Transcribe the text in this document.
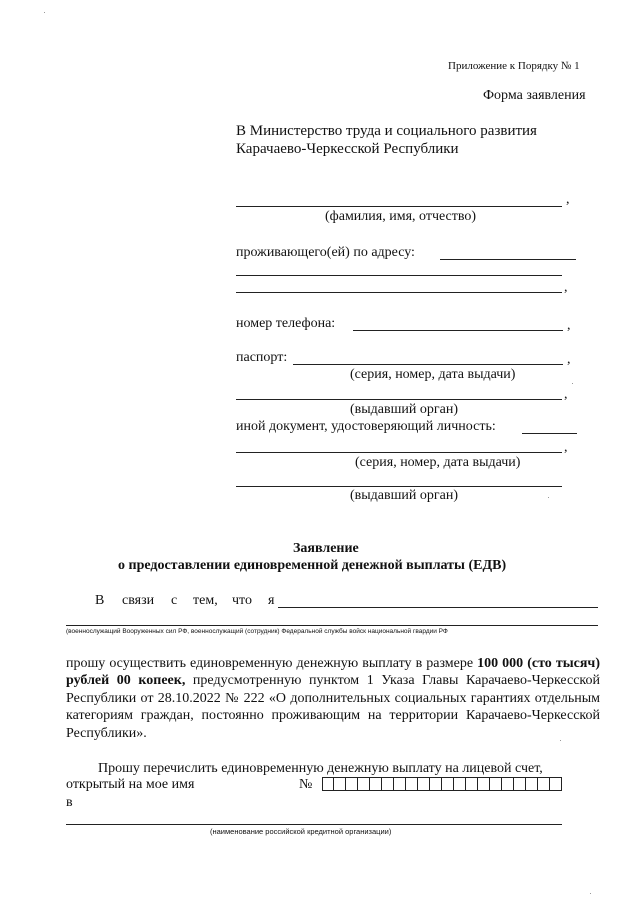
Приложение к Порядку № 1
Форма заявления
В Министерство труда и социального развития
Карачаево-Черкесской Республики
,
(фамилия, имя, отчество)
проживающего(ей) по адресу:
,
номер телефона:	,
паспорт:	,
(серия, номер, дата выдачи)
,
(выдавший орган)
иной документ, удостоверяющий личность:
,
(серия, номер, дата выдачи)
(выдавший орган)
Заявление
о предоставлении единовременной денежной выплаты (ЕДВ)
В связи с тем, что я
(военнослужащий Вооруженных сил РФ, военнослужащий (сотрудник) Федеральной службы войск национальной гвардии РФ
прошу осуществить единовременную денежную выплату в размере 100 000 (сто тысяч) рублей 00 копеек, предусмотренную пунктом 1 Указа Главы Карачаево-Черкесской Республики от 28.10.2022 № 222 «О дополнительных социальных гарантиях отдельным категориям граждан, постоянно проживающим на территории Карачаево-Черкесской Республики».
Прошу перечислить единовременную денежную выплату на лицевой счет,
открытый на мое имя	№
в
(наименование российской кредитной организации)
